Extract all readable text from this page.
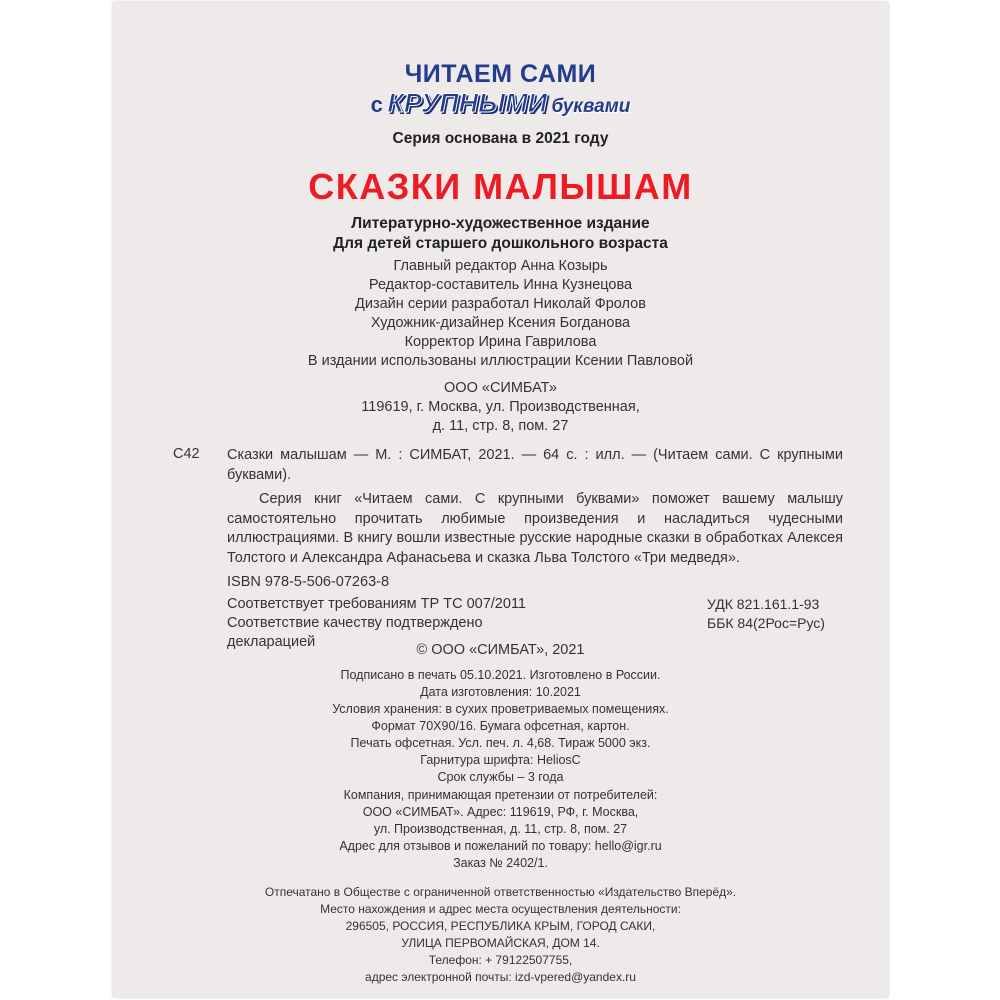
ЧИТАЕМ САМИ
с КРУПНЫМИ буквами
Серия основана в 2021 году
СКАЗКИ МАЛЫШАМ
Литературно-художественное издание
Для детей старшего дошкольного возраста
Главный редактор Анна Козырь
Редактор-составитель Инна Кузнецова
Дизайн серии разработал Николай Фролов
Художник-дизайнер Ксения Богданова
Корректор Ирина Гаврилова
В издании использованы иллюстрации Ксении Павловой
ООО «СИМБАТ»
119619, г. Москва, ул. Производственная,
д. 11, стр. 8, пом. 27
С42 Сказки малышам — М. : СИМБАТ, 2021. — 64 с. : илл. — (Читаем сами. С крупными буквами).
Серия книг «Читаем сами. С крупными буквами» поможет вашему малышу самостоятельно прочитать любимые произведения и насладиться чудесными иллюстрациями. В книгу вошли известные русские народные сказки в обработках Алексея Толстого и Александра Афанасьева и сказка Льва Толстого «Три медведя».
ISBN 978-5-506-07263-8
Соответствует требованиям ТР ТС 007/2011
Соответствие качеству подтверждено
декларацией
УДК 821.161.1-93
ББК 84(2Рос=Рус)
© ООО «СИМБАТ», 2021
Подписано в печать 05.10.2021. Изготовлено в России.
Дата изготовления: 10.2021
Условия хранения: в сухих проветриваемых помещениях.
Формат 70Х90/16. Бумага офсетная, картон.
Печать офсетная. Усл. печ. л. 4,68. Тираж 5000 экз.
Гарнитура шрифта: HeliosC
Срок службы – 3 года
Компания, принимающая претензии от потребителей:
ООО «СИМБАТ». Адрес: 119619, РФ, г. Москва,
ул. Производственная, д. 11, стр. 8, пом. 27
Адрес для отзывов и пожеланий по товару: hello@igr.ru
Заказ № 2402/1.
Отпечатано в Обществе с ограниченной ответственностью «Издательство Вперёд».
Место нахождения и адрес места осуществления деятельности:
296505, РОССИЯ, РЕСПУБЛИКА КРЫМ, ГОРОД САКИ,
УЛИЦА ПЕРВОМАЙСКАЯ, ДОМ 14.
Телефон: + 79122507755,
адрес электронной почты: izd-vpered@yandex.ru
